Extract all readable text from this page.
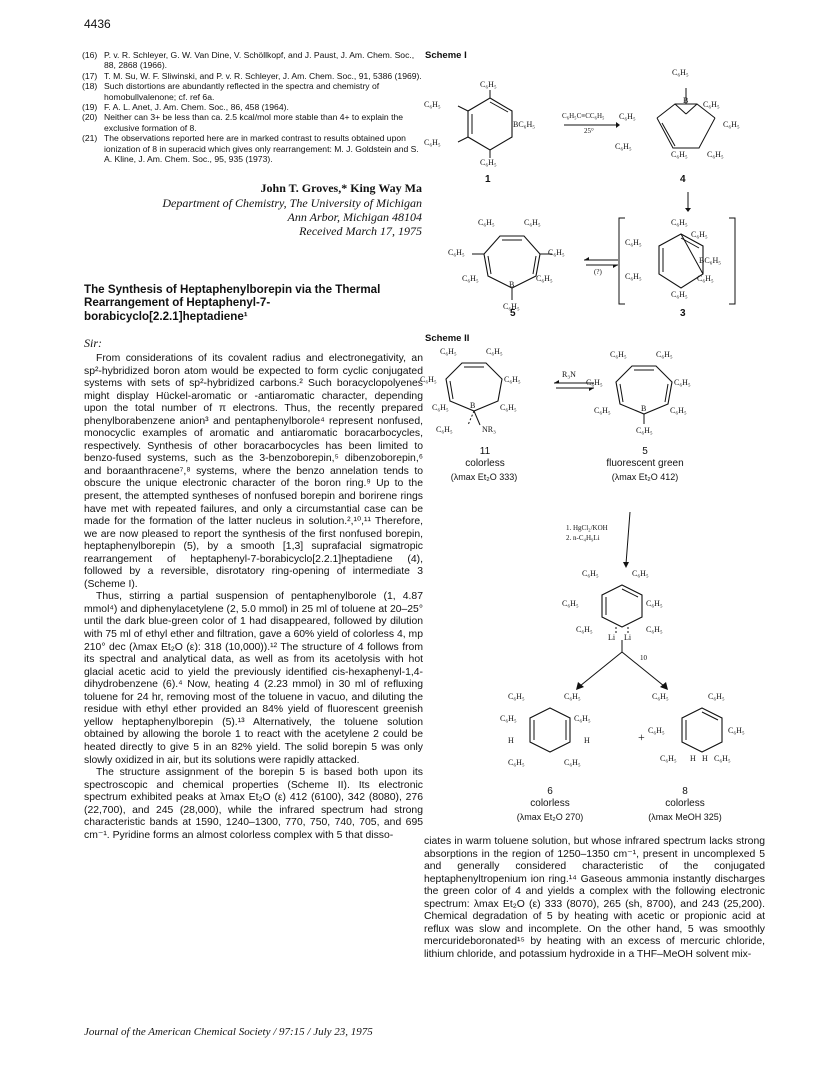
4436
(16) P. v. R. Schleyer, G. W. Van Dine, V. Schöllkopf, and J. Paust, J. Am. Chem. Soc., 88, 2868 (1966).
(17) T. M. Su, W. F. Sliwinski, and P. v. R. Schleyer, J. Am. Chem. Soc., 91, 5386 (1969).
(18) Such distortions are abundantly reflected in the spectra and chemistry of homobullvalenone; cf. ref 6a.
(19) F. A. L. Anet, J. Am. Chem. Soc., 86, 458 (1964).
(20) Neither can 3+ be less than ca. 2.5 kcal/mol more stable than 4+ to explain the exclusive formation of 8.
(21) The observations reported here are in marked contrast to results obtained upon ionization of 8 in superacid which gives only rearrangement: M. J. Goldstein and S. A. Kline, J. Am. Chem. Soc., 95, 935 (1973).
John T. Groves,* King Way Ma
Department of Chemistry, The University of Michigan
Ann Arbor, Michigan 48104
Received March 17, 1975
The Synthesis of Heptaphenylborepin via the Thermal Rearrangement of Heptaphenyl-7-borabicyclo[2.2.1]heptadiene¹
Sir:

From considerations of its covalent radius and electronegativity, an sp²-hybridized boron atom would be expected to form cyclic conjugated systems with sets of sp²-hybridized carbons.² Such boracyclopolyenes might display Hückel-aromatic or -antiaromatic character, depending upon the total number of π electrons. Thus, the recently prepared phenylborabenzene anion³ and pentaphenylborole⁴ represent nonfused, monocyclic examples of aromatic and antiaromatic boracarbocycles, respectively. Synthesis of other boracarbocycles has been limited to benzo-fused systems, such as the 3-benzoborepin,⁵ dibenzoborepin,⁶ and boraanthracene⁷,⁸ systems, where the benzo annelation tends to obscure the unique electronic character of the boron ring.⁹ Up to the present, the attempted syntheses of nonfused borepin and borirene rings have met with repeated failures, and only a circumstantial case can be made for the formation of the latter nucleus in solution.²,¹⁰,¹¹ Therefore, we are now pleased to report the synthesis of the first nonfused borepin, heptaphenylborepin (5), by a smooth [1,3] suprafacial sigmatropic rearrangement of heptaphenyl-7-borabicyclo[2.2.1]heptadiene (4), followed by a reversible, disrotatory ring-opening of intermediate 3 (Scheme I).

Thus, stirring a partial suspension of pentaphenylborole (1, 4.87 mmol⁴) and diphenylacetylene (2, 5.0 mmol) in 25 ml of toluene at 20–25° until the dark blue-green color of 1 had disappeared, followed by dilution with 75 ml of ethyl ether and filtration, gave a 60% yield of colorless 4, mp 210° dec (λmax Et₂O (ε): 318 (10,000)).¹² The structure of 4 follows from its spectral and analytical data, as well as from its acetolysis with hot glacial acetic acid to yield the previously identified cis-hexaphenyl-1,4-dihydrobenzene (6).⁴ Now, heating 4 (2.23 mmol) in 30 ml of refluxing toluene for 24 hr, removing most of the toluene in vacuo, and diluting the residue with ethyl ether provided an 84% yield of fluorescent greenish yellow heptaphenylborepin (5).¹³ Alternatively, the toluene solution obtained by allowing the borole 1 to react with the acetylene 2 could be heated directly to give 5 in an 82% yield. The solid borepin 5 was only slowly oxidized in air, but its solutions were rapidly attacked.

The structure assignment of the borepin 5 is based both upon its spectroscopic and chemical properties (Scheme II). Its electronic spectrum exhibited peaks at λmax Et₂O (ε) 412 (6100), 342 (8080), 276 (22,700), and 245 (28,000), while the infrared spectrum had strong characteristic bands at 1590, 1240–1300, 770, 750, 740, 705, and 695 cm⁻¹. Pyridine forms an almost colorless complex with 5 that disso-

ciates in warm toluene solution, but whose infrared spectrum lacks strong absorptions in the region of 1250–1350 cm⁻¹, present in uncomplexed 5 and generally considered characteristic of the conjugated heptaphenyltropenium ion ring.¹⁴ Gaseous ammonia instantly discharges the green color of 4 and yields a complex with the following electronic spectrum: λmax Et₂O (ε) 333 (8070), 265 (sh, 8700), and 243 (25,200). Chemical degradation of 5 by heating with acetic or propionic acid at reflux was slow and incomplete. On the other hand, 5 was smoothly mercurideboronated¹⁵ by heating with an excess of mercuric chloride, lithium chloride, and potassium hydroxide in a THF–MeOH solvent mix-

Scheme I
C₆H₅
C₆H₅
C₆H₅
C₆H₅
BC₆H₅
1
C₆H₅C≡CC₆H₅
25°
C₆H₅
B C₆H₅
C₆H₅
C₆H₅
C₆H₅
C₆H₅ C₆H₅
4
C₆H₅	C₆H₅
C₆H₅	C₆H₅
C₆H₅	C₆H₅
B
C₆H₅
5
(?)
C₆H₅
C₆H₅
C₆H₅
C₆H₅
BC₆H₅
C₆H₅
C₆H₅
3
Scheme II
C₆H₅	C₆H₅
C₆H₅	C₆H₅
C₆H₅	C₆H₅
B
C₆H₅	NR₃
11
colorless
(λmax Et₂O 333)
R₃N
C₆H₅	C₆H₅
C₆H₅	C₆H₅
C₆H₅	C₆H₅
B
C₆H₅
5
fluorescent green
(λmax Et₂O 412)
1. HgCl₂/KOH
2. n-C₄H₉Li
C₆H₅	C₆H₅
C₆H₅	C₆H₅
C₆H₅	C₆H₅
Li Li
10
C₆H₅	C₆H₅
C₆H₅	C₆H₅
H	H
C₆H₅	C₆H₅
6
colorless
(λmax Et₂O 270)
+
C₆H₅	C₆H₅
C₆H₅	C₆H₅
C₆H₅ H H C₆H₅
8
colorless
(λmax MeOH 325)
Journal of the American Chemical Society / 97:15 / July 23, 1975
